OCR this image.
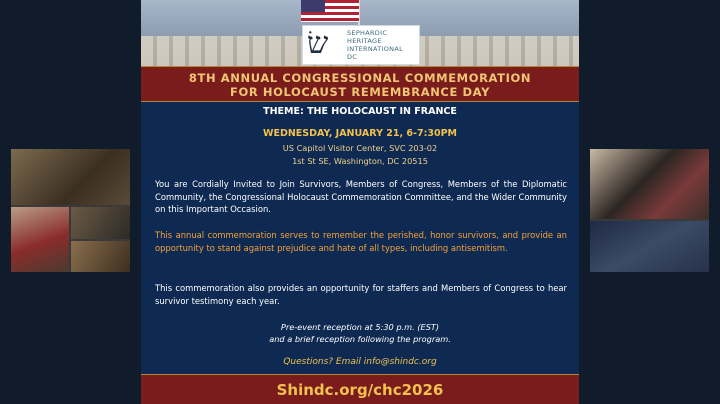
שׂ	SEPHARDIC
HERITAGE
INTERNATIONAL
DC
8TH ANNUAL CONGRESSIONAL COMMEMORATION
FOR HOLOCAUST REMEMBRANCE DAY
THEME: THE HOLOCAUST IN FRANCE
WEDNESDAY, JANUARY 21, 6-7:30PM
US Capitol Visitor Center, SVC 203-02
1st St SE, Washington, DC 20515
You are Cordially Invited to Join Survivors, Members of Congress, Members of the Diplomatic Community, the Congressional Holocaust Commemoration Committee, and the Wider Community on this Important Occasion.
This annual commemoration serves to remember the perished, honor survivors, and provide an opportunity to stand against prejudice and hate of all types, including antisemitism.
This commemoration also provides an opportunity for staffers and Members of Congress to hear survivor testimony each year.
Pre-event reception at 5:30 p.m. (EST)
and a brief reception following the program.
Questions? Email info@shindc.org
Shindc.org/chc2026
